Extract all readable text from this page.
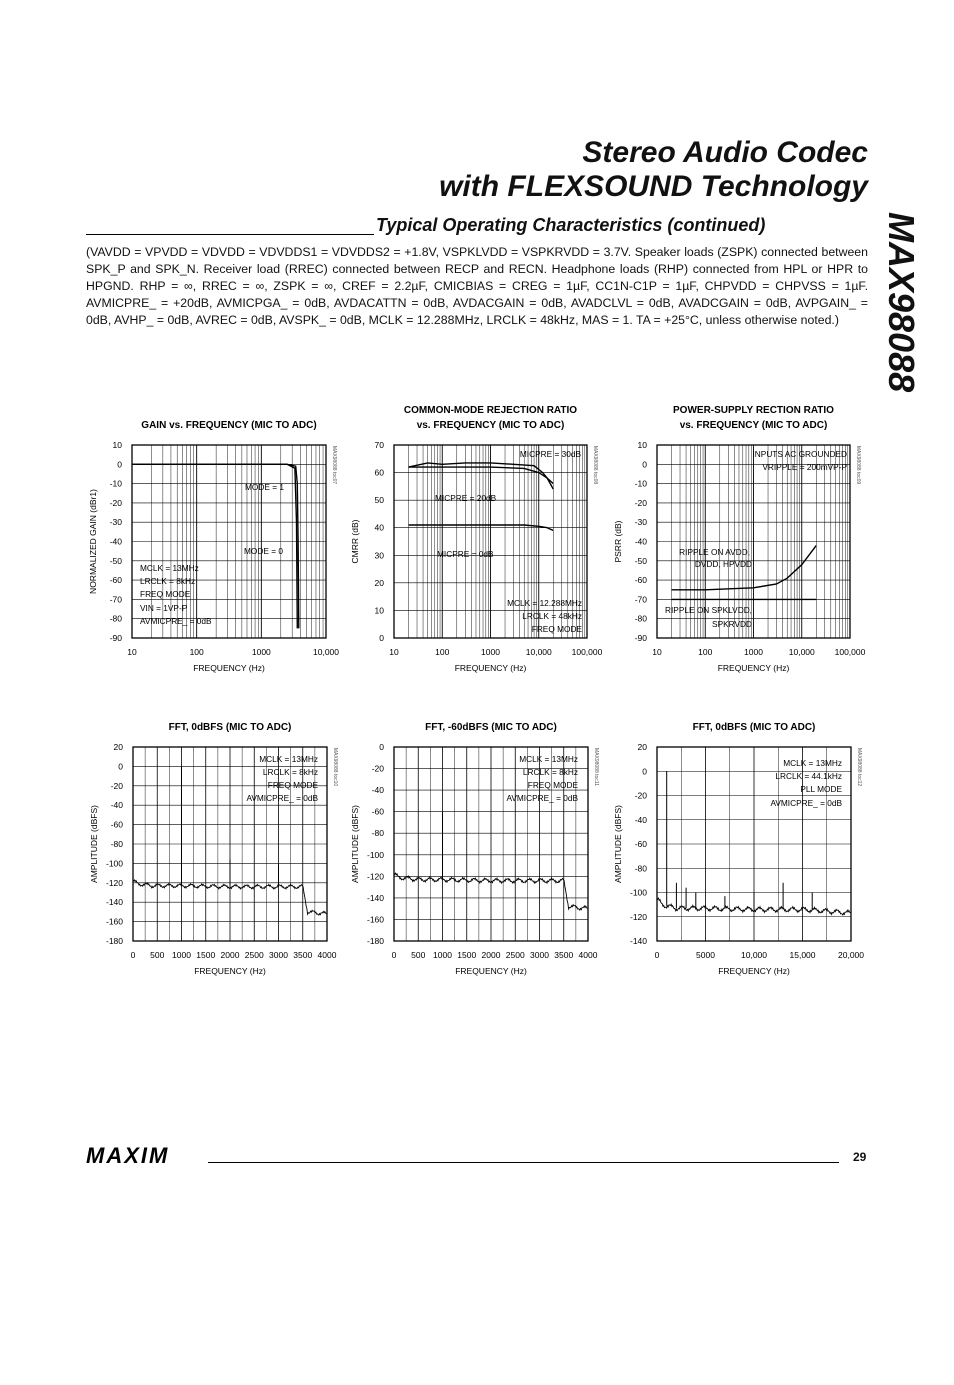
Stereo Audio Codec
with FLEXSOUND Technology
MAX98088
Typical Operating Characteristics (continued)
(VAVDD = VPVDD = VDVDD = VDVDDS1 = VDVDDS2 = +1.8V, VSPKLVDD = VSPKRVDD = 3.7V. Speaker loads (ZSPK) connected between SPK_P and SPK_N. Receiver load (RREC) connected between RECP and RECN. Headphone loads (RHP) connected from HPL or HPR to HPGND. RHP = ∞, RREC = ∞, ZSPK = ∞, CREF = 2.2µF, CMICBIAS = CREG = 1µF, CC1N-C1P = 1µF, CHPVDD = CHPVSS = 1µF. AVMICPRE_ = +20dB, AVMICPGA_ = 0dB, AVDACATTN = 0dB, AVDACGAIN = 0dB, AVADCLVL = 0dB, AVADCGAIN = 0dB, AVPGAIN_ = 0dB, AVHP_ = 0dB, AVREC = 0dB, AVSPK_ = 0dB, MCLK = 12.288MHz, LRCLK = 48kHz, MAS = 1. TA = +25°C, unless otherwise noted.)
GAIN vs. FREQUENCY (MIC TO ADC)
10	100	1000	10,000
10
0
-10
-20
-30
-40
-50
-60
-70
-80
-90
FREQUENCY (Hz)
NORMALIZED GAIN (dBr1)
MAX98088 toc07
MODE = 1
MODE = 0
MCLK = 13MHz
LRCLK = 8kHz
FREQ MODE
VIN = 1VP-P
AVMICPRE_ = 0dB
COMMON-MODE REJECTION RATIO vs. FREQUENCY (MIC TO ADC)
10	100	1000	10,000 100,000
70
60
50
40
30
20
10
0
FREQUENCY (Hz)
CMRR (dB)
MAX98088 toc08
MICPRE = 30dB
MICPRE = 20dB
MICPRE = 0dB
MCLK = 12.288MHz
LRCLK = 48kHz
FREQ MODE
POWER-SUPPLY RECTION RATIO vs. FREQUENCY (MIC TO ADC)
10	100	1000	10,000 100,000
10
0
-10
-20
-30
-40
-50
-60
-70
-80
-90
FREQUENCY (Hz)
PSRR (dB)
MAX98088 toc09
INPUTS AC GROUNDED
VRIPPLE = 200mVP-P
RIPPLE ON AVDD,
DVDD, HPVDD
RIPPLE ON SPKLVDD,
SPKRVDD
FFT, 0dBFS (MIC TO ADC)
0 500 1000 1500 2000 2500 3000 3500 4000
20
0
-20
-40
-60
-80
-100
-120
-140
-160
-180
FREQUENCY (Hz)
AMPLITUDE (dBFS)
MAX98088 toc10
MCLK = 13MHz
LRCLK = 8kHz
FREQ MODE
AVMICPRE_ = 0dB
FFT, -60dBFS (MIC TO ADC)
0 500 1000 1500 2000 2500 3000 3500 4000
0
-20
-40
-60
-80
-100
-120
-140
-160
-180
FREQUENCY (Hz)
AMPLITUDE (dBFS)
MAX98088 toc11
MCLK = 13MHz
LRCLK = 8kHz
FREQ MODE
AVMICPRE_ = 0dB
FFT, 0dBFS (MIC TO ADC)
0	5000	10,000	15,000	20,000
20
0
-20
-40
-60
-80
-100
-120
-140
FREQUENCY (Hz)
AMPLITUDE (dBFS)
MAX98088 toc12
MCLK = 13MHz
LRCLK = 44.1kHz
PLL MODE
AVMICPRE_ = 0dB
MAXIM	29
